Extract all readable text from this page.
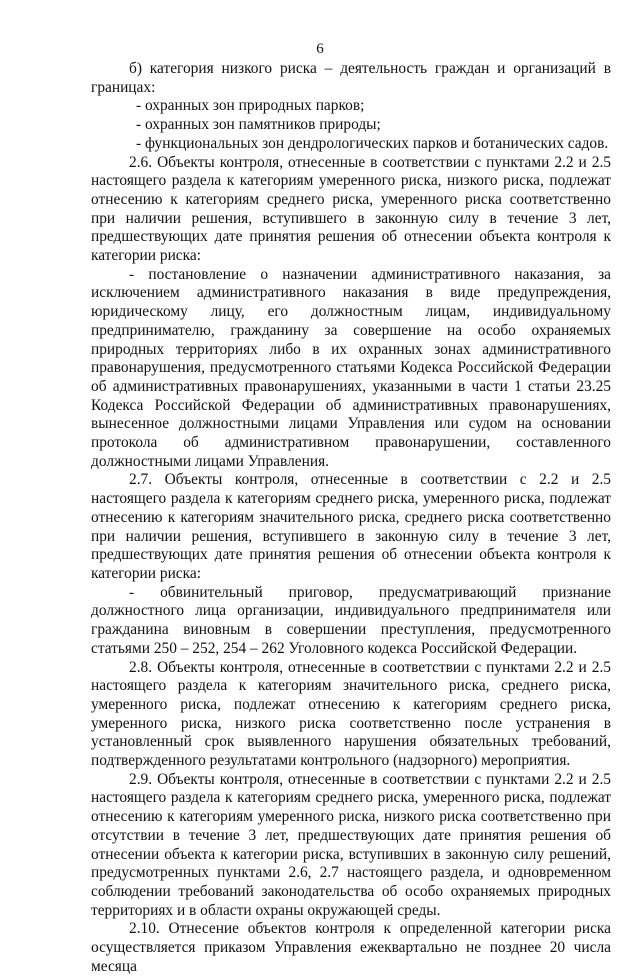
6

б) категория низкого риска – деятельность граждан и организаций в границах:

- охранных зон природных парков;

- охранных зон памятников природы;

- функциональных зон дендрологических парков и ботанических садов.

2.6. Объекты контроля, отнесенные в соответствии с пунктами 2.2 и 2.5 настоящего раздела к категориям умеренного риска, низкого риска, подлежат отнесению к категориям среднего риска, умеренного риска соответственно при наличии решения, вступившего в законную силу в течение 3 лет, предшествующих дате принятия решения об отнесении объекта контроля к категории риска:

- постановление о назначении административного наказания, за исключением административного наказания в виде предупреждения, юридическому лицу, его должностным лицам, индивидуальному предпринимателю, гражданину за совершение на особо охраняемых природных территориях либо в их охранных зонах административного правонарушения, предусмотренного статьями Кодекса Российской Федерации об административных правонарушениях, указанными в части 1 статьи 23.25 Кодекса Российской Федерации об административных правонарушениях, вынесенное должностными лицами Управления или судом на основании протокола об административном правонарушении, составленного должностными лицами Управления.

2.7. Объекты контроля, отнесенные в соответствии с 2.2 и 2.5 настоящего раздела к категориям среднего риска, умеренного риска, подлежат отнесению к категориям значительного риска, среднего риска соответственно при наличии решения, вступившего в законную силу в течение 3 лет, предшествующих дате принятия решения об отнесении объекта контроля к категории риска:

- обвинительный приговор, предусматривающий признание должностного лица организации, индивидуального предпринимателя или гражданина виновным в совершении преступления, предусмотренного статьями 250 – 252, 254 – 262 Уголовного кодекса Российской Федерации.

2.8. Объекты контроля, отнесенные в соответствии с пунктами 2.2 и 2.5 настоящего раздела к категориям значительного риска, среднего риска, умеренного риска, подлежат отнесению к категориям среднего риска, умеренного риска, низкого риска соответственно после устранения в установленный срок выявленного нарушения обязательных требований, подтвержденного результатами контрольного (надзорного) мероприятия.

2.9. Объекты контроля, отнесенные в соответствии с пунктами 2.2 и 2.5 настоящего раздела к категориям среднего риска, умеренного риска, подлежат отнесению к категориям умеренного риска, низкого риска соответственно при отсутствии в течение 3 лет, предшествующих дате принятия решения об отнесении объекта к категории риска, вступивших в законную силу решений, предусмотренных пунктами 2.6, 2.7 настоящего раздела, и одновременном соблюдении требований законодательства об особо охраняемых природных территориях и в области охраны окружающей среды.

2.10. Отнесение объектов контроля к определенной категории риска осуществляется приказом Управления ежеквартально не позднее 20 числа месяца
